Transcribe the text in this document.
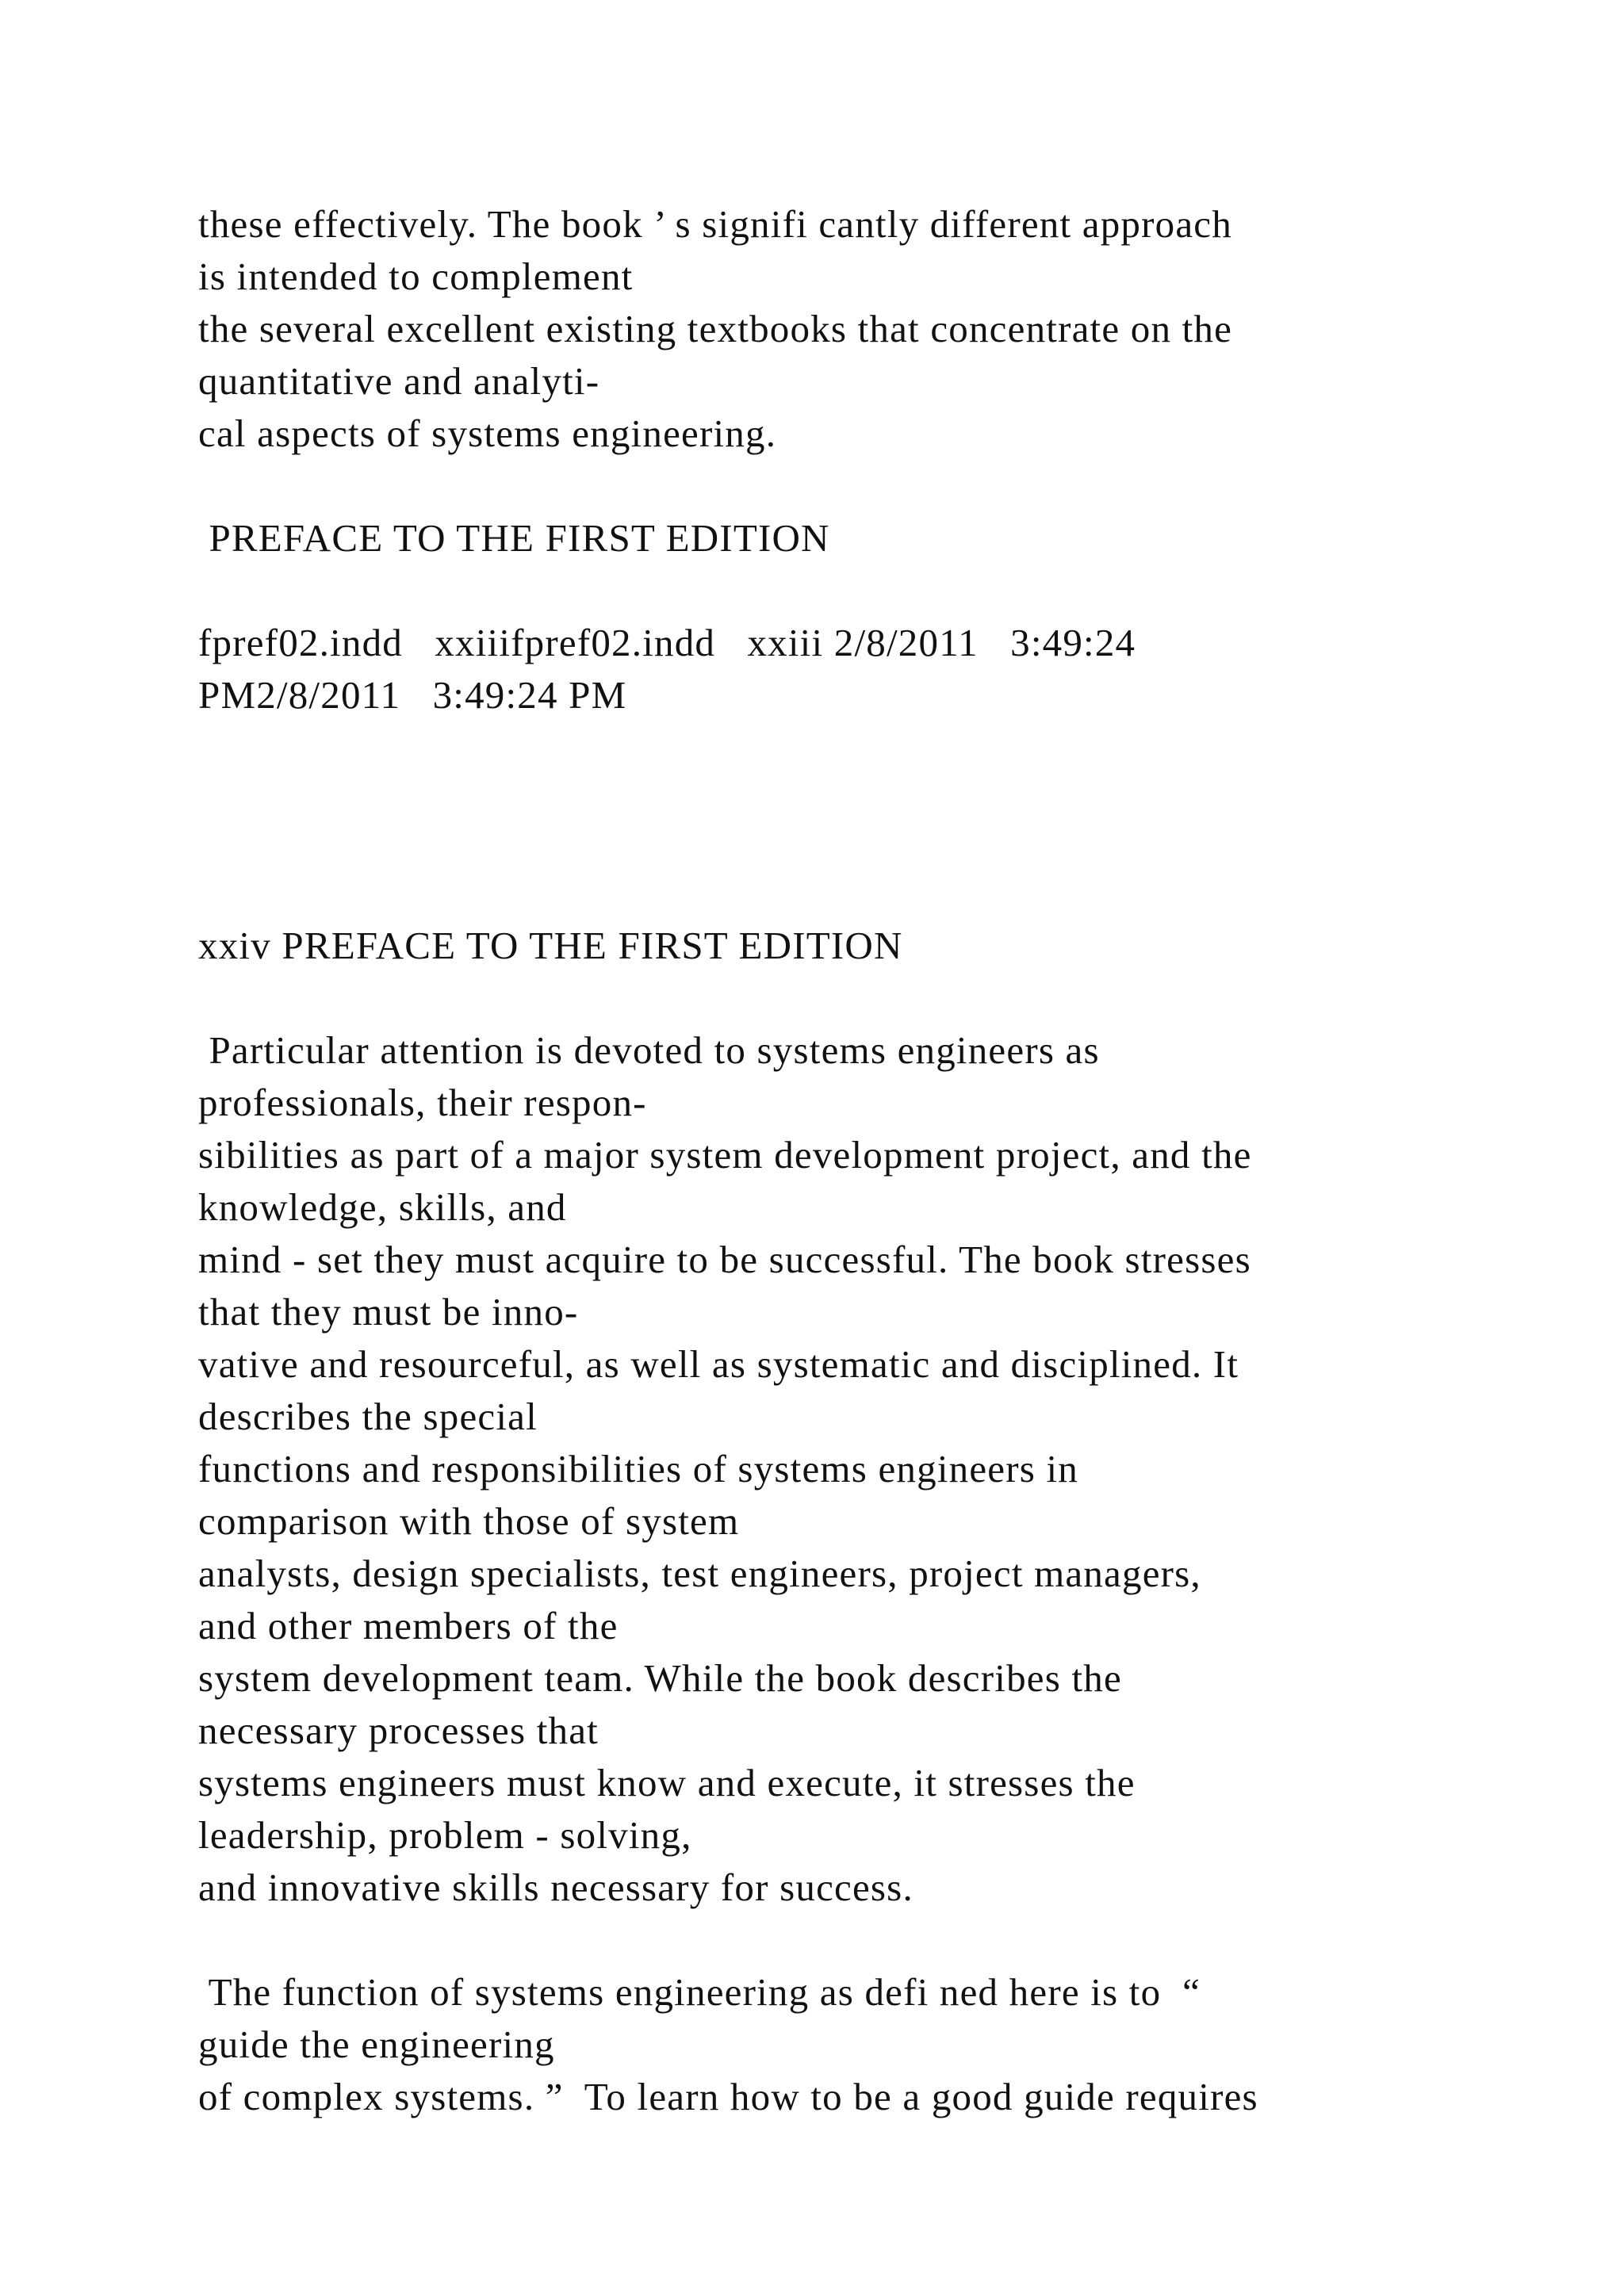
these effectively. The book ’ s signifi cantly different approach
is intended to complement
the several excellent existing textbooks that concentrate on the
quantitative and analyti-
cal aspects of systems engineering.
PREFACE TO THE FIRST EDITION
fpref02.indd   xxiiifpref02.indd   xxiii 2/8/2011   3:49:24
PM2/8/2011   3:49:24 PM
xxiv PREFACE TO THE FIRST EDITION
Particular attention is devoted to systems engineers as
professionals, their respon-
sibilities as part of a major system development project, and the
knowledge, skills, and
mind - set they must acquire to be successful. The book stresses
that they must be inno-
vative and resourceful, as well as systematic and disciplined. It
describes the special
functions and responsibilities of systems engineers in
comparison with those of system
analysts, design specialists, test engineers, project managers,
and other members of the
system development team. While the book describes the
necessary processes that
systems engineers must know and execute, it stresses the
leadership, problem - solving,
and innovative skills necessary for success.
The function of systems engineering as defi ned here is to  “
guide the engineering
of complex systems. ”  To learn how to be a good guide requires
